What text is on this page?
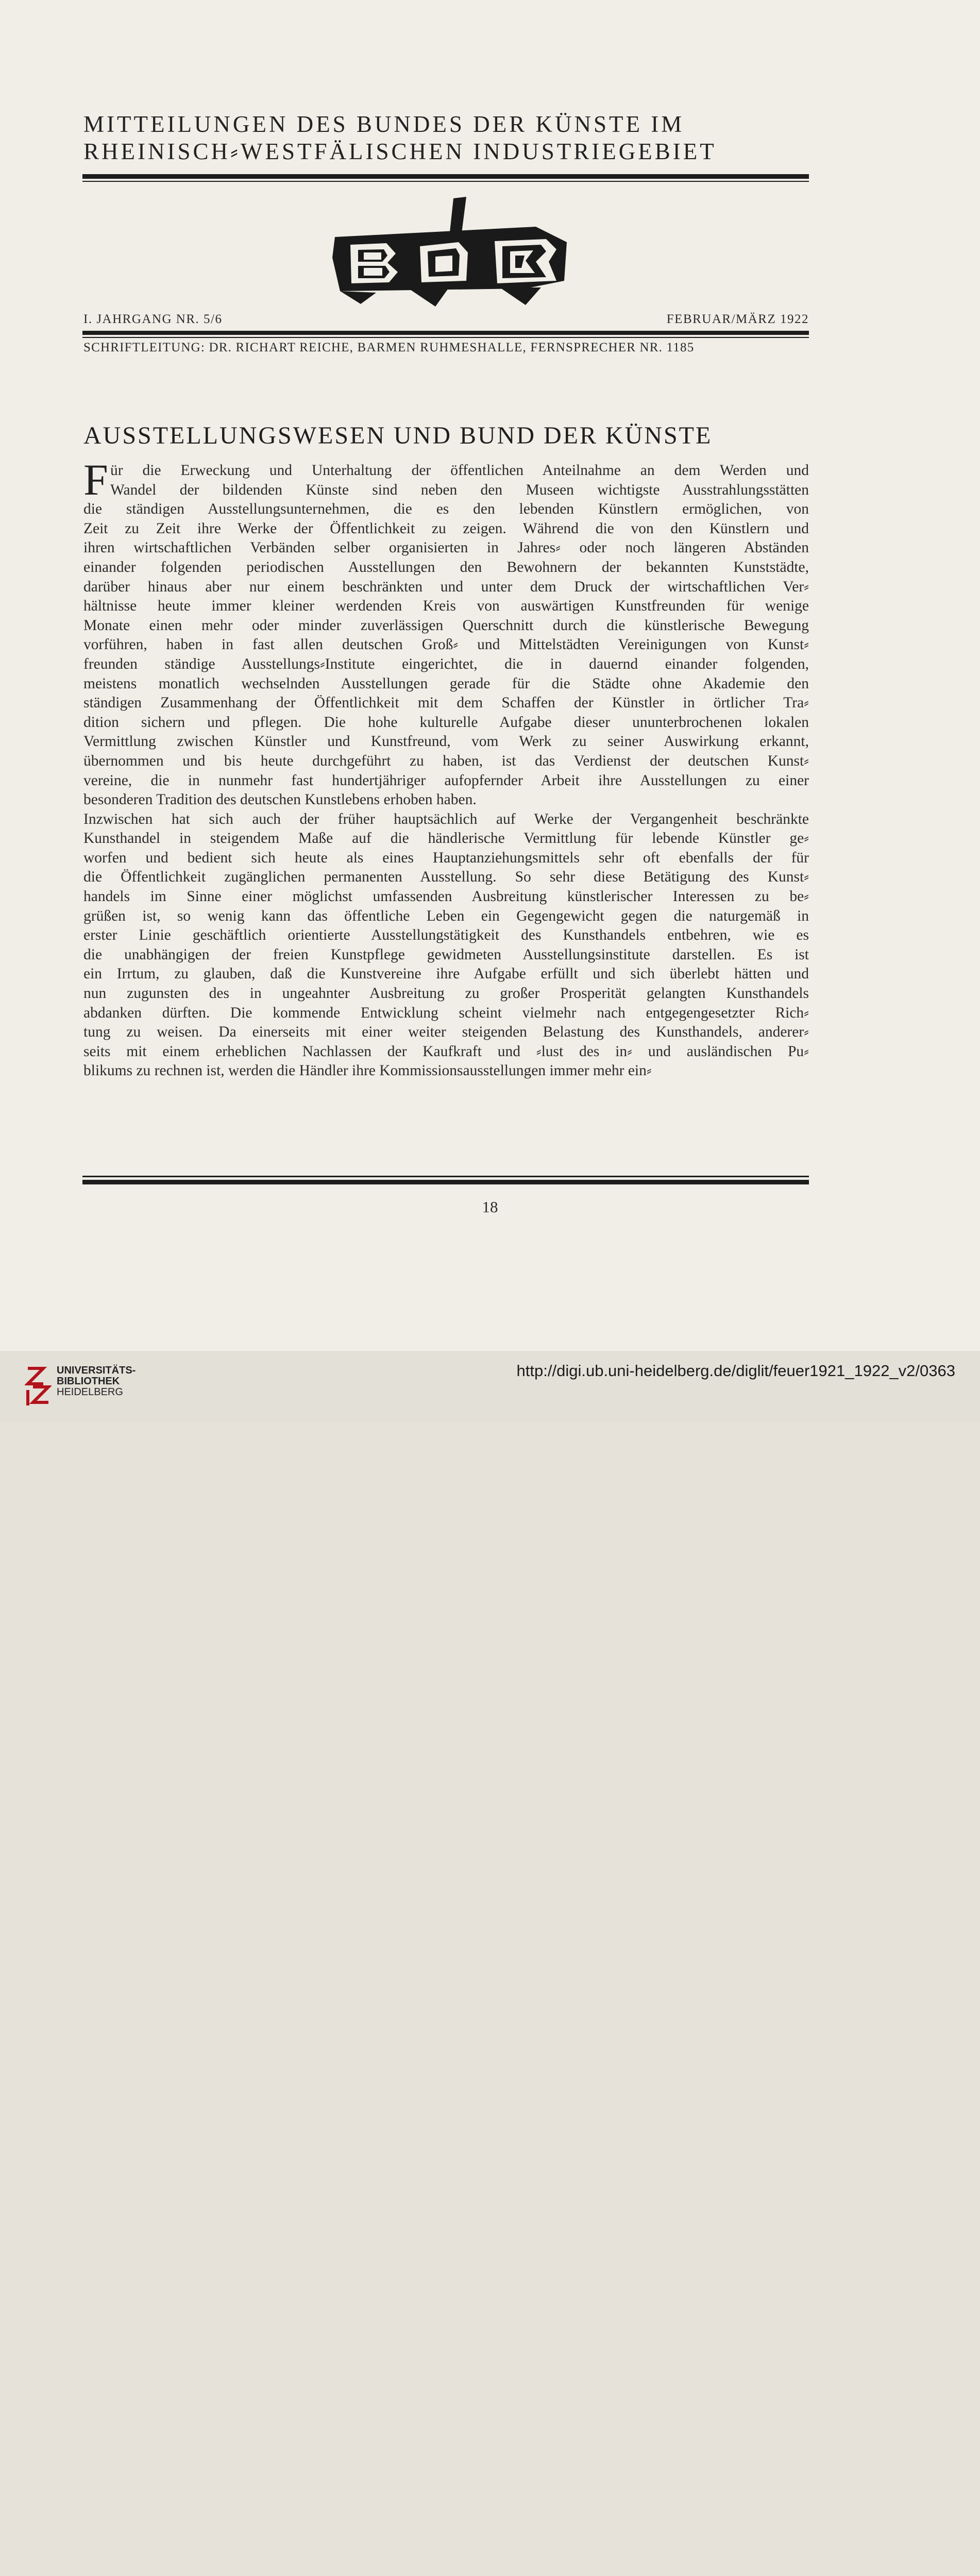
MITTEILUNGEN DES BUNDES DER KÜNSTE IM
RHEINISCH⸗WESTFÄLISCHEN INDUSTRIEGEBIET
I. JAHRGANG NR. 5/6	FEBRUAR/MÄRZ 1922
SCHRIFTLEITUNG: DR. RICHART REICHE, BARMEN RUHMESHALLE, FERNSPRECHER NR. 1185
AUSSTELLUNGSWESEN UND BUND DER KÜNSTE
F ür die Erweckung und Unterhaltung der öffentlichen Anteilnahme an dem Werden und
Wandel der bildenden Künste sind neben den Museen wichtigste Ausstrahlungsstätten
die ständigen Ausstellungsunternehmen, die es den lebenden Künstlern ermöglichen, von
Zeit zu Zeit ihre Werke der Öffentlichkeit zu zeigen. Während die von den Künstlern und
ihren wirtschaftlichen Verbänden selber organisierten in Jahres⸗ oder noch längeren Abständen
einander folgenden periodischen Ausstellungen den Bewohnern der bekannten Kunststädte,
darüber hinaus aber nur einem beschränkten und unter dem Druck der wirtschaftlichen Ver⸗
hältnisse heute immer kleiner werdenden Kreis von auswärtigen Kunstfreunden für wenige
Monate einen mehr oder minder zuverlässigen Querschnitt durch die künstlerische Bewegung
vorführen, haben in fast allen deutschen Groß⸗ und Mittelstädten Vereinigungen von Kunst⸗
freunden ständige Ausstellungs⸗Institute eingerichtet, die in dauernd einander folgenden,
meistens monatlich wechselnden Ausstellungen gerade für die Städte ohne Akademie den
ständigen Zusammenhang der Öffentlichkeit mit dem Schaffen der Künstler in örtlicher Tra⸗
dition sichern und pflegen. Die hohe kulturelle Aufgabe dieser ununterbrochenen lokalen
Vermittlung zwischen Künstler und Kunstfreund, vom Werk zu seiner Auswirkung erkannt,
übernommen und bis heute durchgeführt zu haben, ist das Verdienst der deutschen Kunst⸗
vereine, die in nunmehr fast hundertjähriger aufopfernder Arbeit ihre Ausstellungen zu einer
besonderen Tradition des deutschen Kunstlebens erhoben haben.
Inzwischen hat sich auch der früher hauptsächlich auf Werke der Vergangenheit beschränkte
Kunsthandel in steigendem Maße auf die händlerische Vermittlung für lebende Künstler ge⸗
worfen und bedient sich heute als eines Hauptanziehungsmittels sehr oft ebenfalls der für
die Öffentlichkeit zugänglichen permanenten Ausstellung. So sehr diese Betätigung des Kunst⸗
handels im Sinne einer möglichst umfassenden Ausbreitung künstlerischer Interessen zu be⸗
grüßen ist, so wenig kann das öffentliche Leben ein Gegengewicht gegen die naturgemäß in
erster Linie geschäftlich orientierte Ausstellungstätigkeit des Kunsthandels entbehren, wie es
die unabhängigen der freien Kunstpflege gewidmeten Ausstellungsinstitute darstellen. Es ist
ein Irrtum, zu glauben, daß die Kunstvereine ihre Aufgabe erfüllt und sich überlebt hätten und
nun zugunsten des in ungeahnter Ausbreitung zu großer Prosperität gelangten Kunsthandels
abdanken dürften. Die kommende Entwicklung scheint vielmehr nach entgegengesetzter Rich⸗
tung zu weisen. Da einerseits mit einer weiter steigenden Belastung des Kunsthandels, anderer⸗
seits mit einem erheblichen Nachlassen der Kaufkraft und ⸗lust des in⸗ und ausländischen Pu⸗
blikums zu rechnen ist, werden die Händler ihre Kommissionsausstellungen immer mehr ein⸗
18
UNIVERSITÄTS-
BIBLIOTHEK
HEIDELBERG
http://digi.ub.uni-heidelberg.de/diglit/feuer1921_1922_v2/0363
